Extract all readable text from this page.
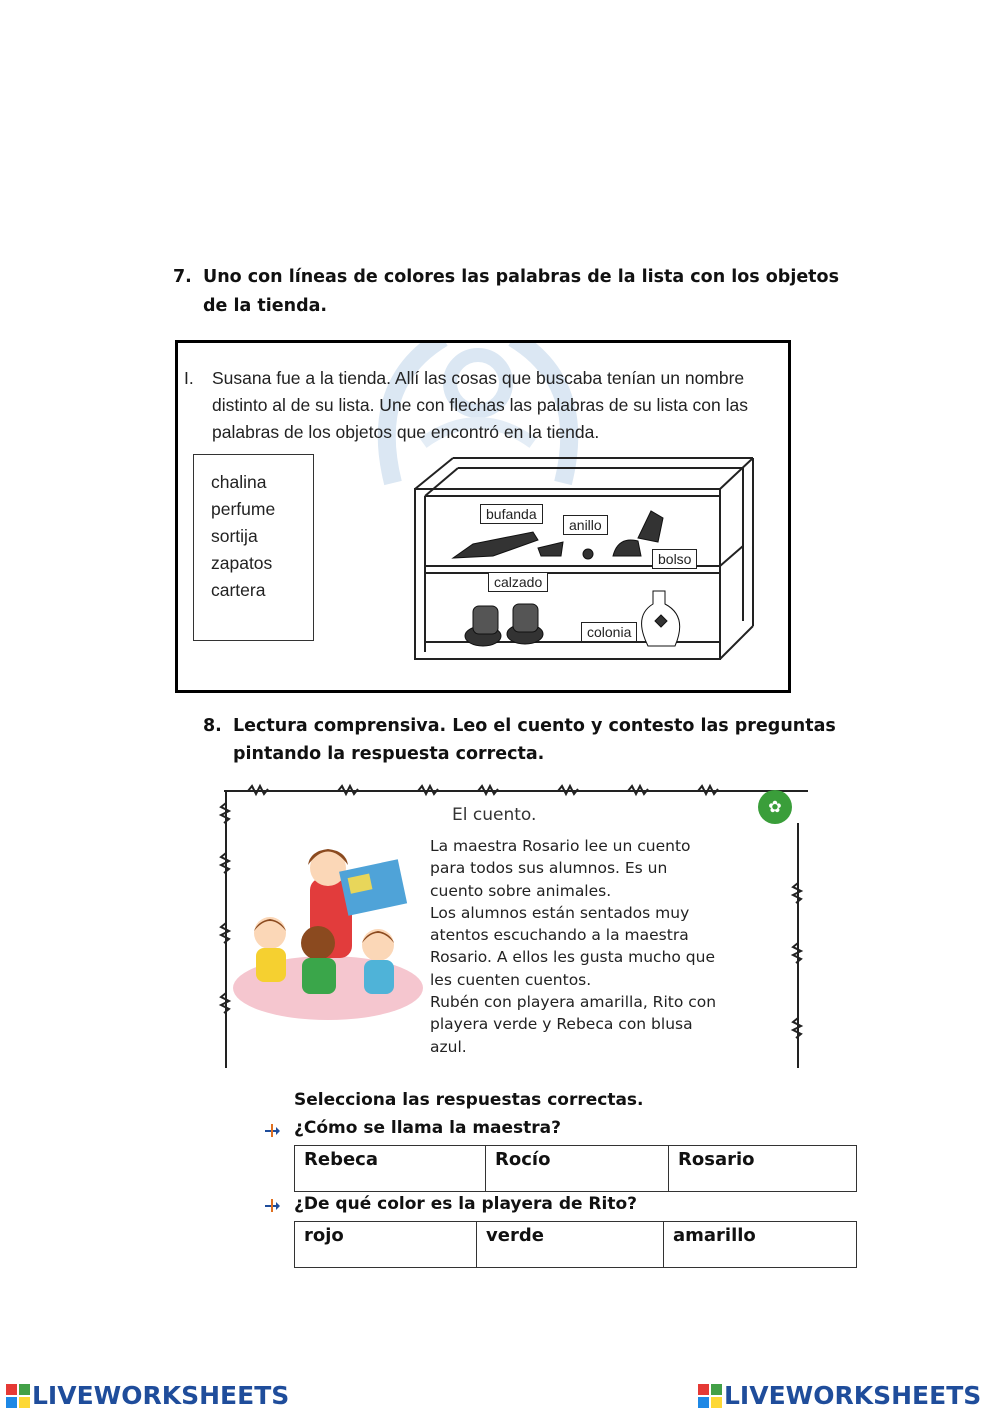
7. Uno con líneas de colores las palabras de la lista con los objetos
de la tienda.
I. Susana fue a la tienda. Allí las cosas que buscaba tenían un nombre
distinto al de su lista. Une con flechas las palabras de su lista con las
palabras de los objetos que encontró en la tienda.
chalina
perfume
sortija
zapatos
cartera
bufanda
anillo
bolso
calzado
colonia
8. Lectura comprensiva. Leo el cuento y contesto las preguntas
pintando la respuesta correcta.
✿
El cuento.
La maestra Rosario lee un cuento
para todos sus alumnos. Es un
cuento sobre animales.
Los alumnos están sentados muy
atentos escuchando a la maestra
Rosario. A ellos les gusta mucho que
les cuenten cuentos.
Rubén con playera amarilla, Rito con
playera verde y Rebeca con blusa
azul.
Selecciona las respuestas correctas.
¿Cómo se llama la maestra?
Rebeca	Rocío	Rosario
¿De qué color es la playera de Rito?
rojo	verde	amarillo
LIVEWORKSHEETS	LIVEWORKSHEETS
